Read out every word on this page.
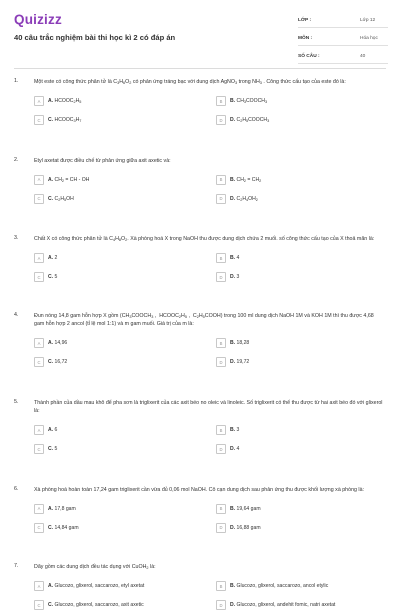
Quizizz
40 câu trắc nghiệm bài thi học kì 2 có đáp án
LỚP :	Lớp 12
MÔN :	Hóa học
SỐ CÂU :	40
1.	Một este có công thức phân tử là $C_3H_6O_2$ có phản ứng tráng bạc với dung dịch AgNO$_3$ trong $NH_3$ . Công thức cấu tạo của este đó là:
A	A. $HCOOC_2H_5$	B	B. $CH_3COOCH_3$
C	C. $HCOOC_3H_7$	D	D. $C_2H_5COOCH_3$
2.	Etyl axetat được điều chế từ phản ứng giữa axit axetic và:
A	A. $CH_2$ = CH - OH	B	B. $CH_2 = CH_2$
C	C. $C_2H_5OH$	D	D. $C_2H_4OH_2$
3.	Chất X có công thức phân tử là $C_4H_8O_2$. Xà phòng hoá X trong NaOH thu được dung dịch chứa 2 muối. số công thức cấu tạo của X thoả mãn là:
A	A. 2	B	B. 4
C	C. 5	D	D. 3
4.	Đun nóng 14,8 gam hỗn hợp X gồm ($CH_3COOCH_3$ ,  $HCOOC_2H_5$ ,  $C_2H_5COOH$) trong 100 ml dung dịch NaOH 1M và KOH 1M thì thu được 4,68 gam hỗn hợp 2 ancol (tỉ lệ mol 1:1) và m gam muối. Giá trị của m là:
A	A. 14,96	B	B. 18,28
C	C. 16,72	D	D. 19,72
5.	Thành phần của dầu mau khô để pha sơn là triglixerit của các axit béo no oleic và linoleic. Số triglixerit có thể thu được từ hai axit béo đó với glixerol là:
A	A. 6	B	B. 3
C	C. 5	D	D. 4
6.	Xà phòng hoá hoàn toàn 17,24 gam triglixerit cần vừa đủ 0,06 mol NaOH. Cô cạn dung dịch sau phản ứng thu được khối lượng xà phòng là:
A	A. 17,8 gam	B	B. 19,64 gam
C	C. 14,84 gam	D	D. 16,88 gam
7.	Dãy gồm các dung dịch đều tác dụng với CuOH$_2$ là:
A	A. Glucozo, glixerol, saccarozo, etyl axetat	B	B. Glucozo, glixerol, saccarozo, ancol etylic
C	C. Glucozo, glixerol, saccarozo, axit axetic	D	D. Glucozo, glixerol, andehit fomic, natri axetat
